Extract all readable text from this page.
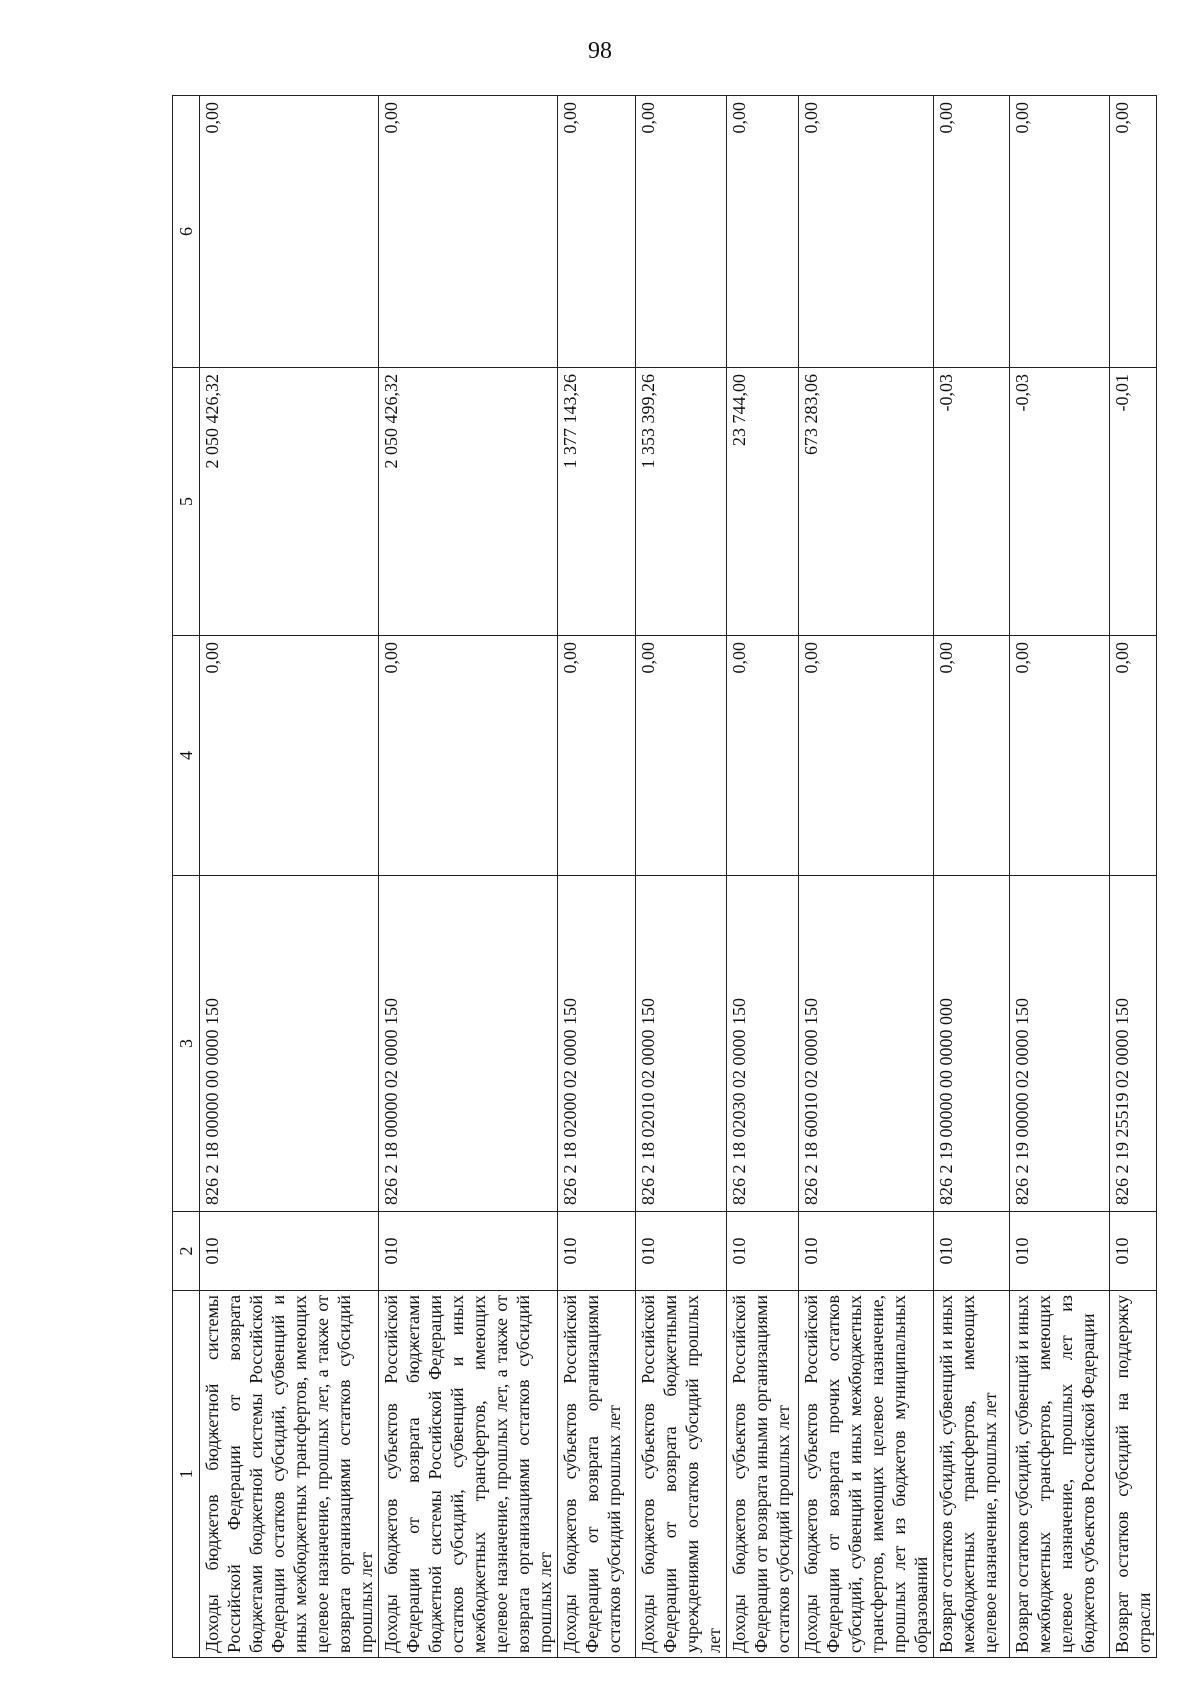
98
1	2	3	4	5	6
Доходы бюджетов бюджетной системы Российской Федерации от возврата бюджетами бюджетной системы Российской Федерации остатков субсидий, субвенций и иных межбюджетных трансфертов, имеющих целевое назначение, прошлых лет, а также от возврата организациями остатков субсидий прошлых лет	010	826 2 18 00000 00 0000 150	0,00	2 050 426,32	0,00
Доходы бюджетов субъектов Российской Федерации от возврата бюджетами бюджетной системы Российской Федерации остатков субсидий, субвенций и иных межбюджетных трансфертов, имеющих целевое назначение, прошлых лет, а также от возврата организациями остатков субсидий прошлых лет	010	826 2 18 00000 02 0000 150	0,00	2 050 426,32	0,00
Доходы бюджетов субъектов Российской Федерации от возврата организациями остатков субсидий прошлых лет	010	826 2 18 02000 02 0000 150	0,00	1 377 143,26	0,00
Доходы бюджетов субъектов Российской Федерации от возврата бюджетными учреждениями остатков субсидий прошлых лет	010	826 2 18 02010 02 0000 150	0,00	1 353 399,26	0,00
Доходы бюджетов субъектов Российской Федерации от возврата иными организациями остатков субсидий прошлых лет	010	826 2 18 02030 02 0000 150	0,00	23 744,00	0,00
Доходы бюджетов субъектов Российской Федерации от возврата прочих остатков субсидий, субвенций и иных межбюджетных трансфертов, имеющих целевое назначение, прошлых лет из бюджетов муниципальных образований	010	826 2 18 60010 02 0000 150	0,00	673 283,06	0,00
Возврат остатков субсидий, субвенций и иных межбюджетных трансфертов, имеющих целевое назначение, прошлых лет	010	826 2 19 00000 00 0000 000	0,00	-0,03	0,00
Возврат остатков субсидий, субвенций и иных межбюджетных трансфертов, имеющих целевое назначение, прошлых лет из бюджетов субъектов Российской Федерации	010	826 2 19 00000 02 0000 150	0,00	-0,03	0,00
Возврат остатков субсидий на поддержку отрасли	010	826 2 19 25519 02 0000 150	0,00	-0,01	0,00
